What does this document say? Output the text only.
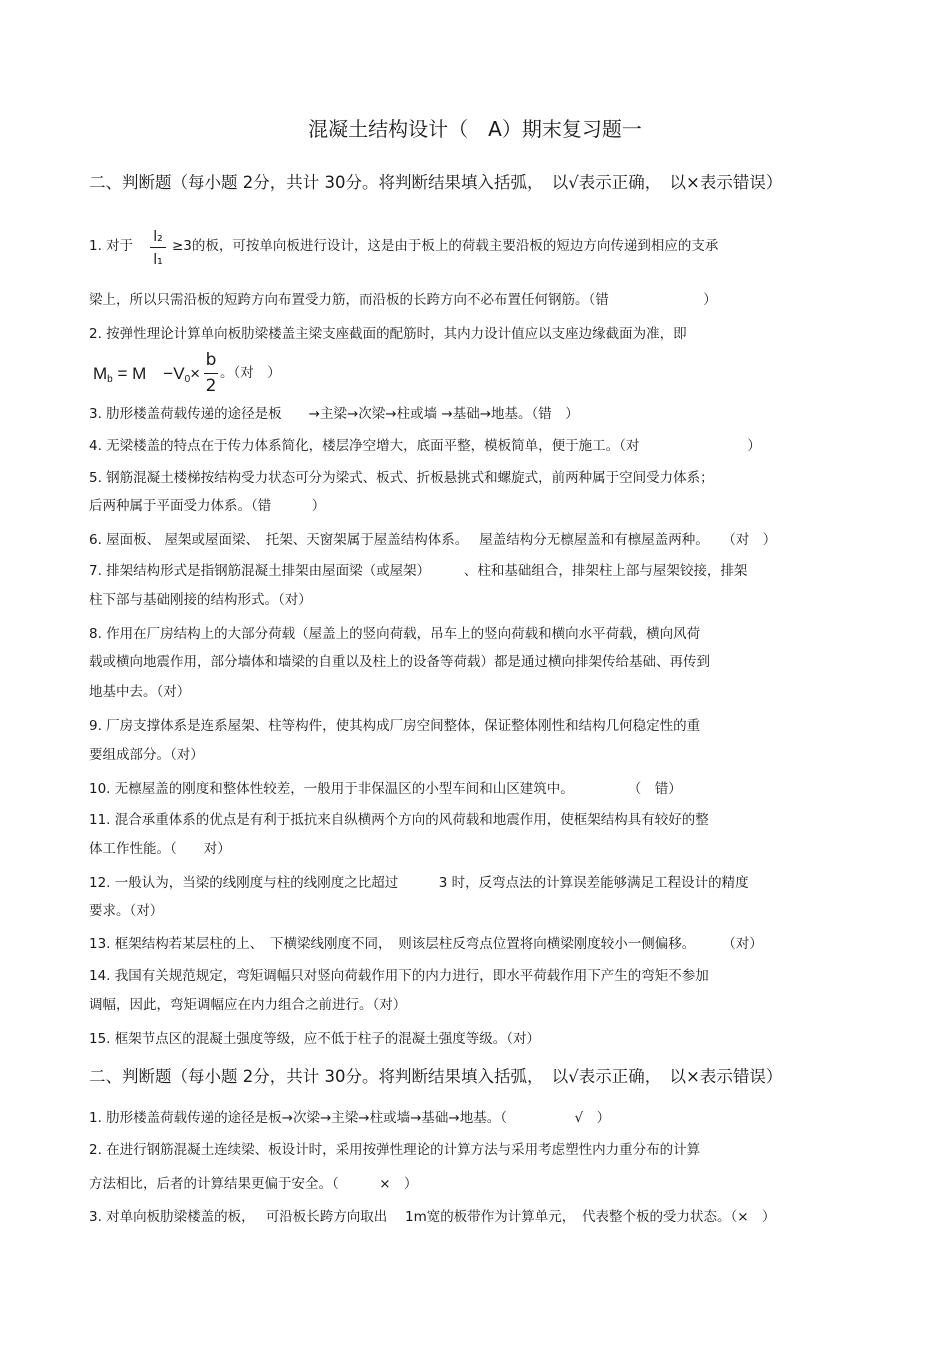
混凝土结构设计（　A）期末复习题一
二、判断题（每小题 2分，共计 30分。将判断结果填入括弧，　以√表示正确，　以×表示错误）
1. 对于
l₂
l₁
≥3的板，可按单向板进行设计，这是由于板上的荷载主要沿板的短边方向传递到相应的支承
梁上，所以只需沿板的短跨方向布置受力筋，而沿板的长跨方向不必布置任何钢筋。（错　　　　　　　）
2. 按弹性理论计算单向板肋梁楼盖主梁支座截面的配筋时，其内力设计值应以支座边缘截面为准，即
$M_b = M$　$-V_0\times$
b
2
。（对　）
3. 肋形楼盖荷载传递的途径是板　　→主梁→次梁→柱或墙 →基础→地基。（错　）
4. 无梁楼盖的特点在于传力体系简化，楼层净空增大，底面平整，模板简单，便于施工。（对　　　　　　　　）
5. 钢筋混凝土楼梯按结构受力状态可分为梁式、板式、折板悬挑式和螺旋式，前两种属于空间受力体系；
后两种属于平面受力体系。（错　　　）
6. 屋面板、 屋架或屋面梁、　托架、天窗架属于屋盖结构体系。　 屋盖结构分无檩屋盖和有檩屋盖两种。　　（对　）
7. 排架结构形式是指钢筋混凝土排架由屋面梁（或屋架）　　　、柱和基础组合，排架柱上部与屋架铰接，排架
柱下部与基础刚接的结构形式。（对）
8. 作用在厂房结构上的大部分荷载（屋盖上的竖向荷载，吊车上的竖向荷载和横向水平荷载，横向风荷
载或横向地震作用，部分墙体和墙梁的自重以及柱上的设备等荷载）都是通过横向排架传给基础、再传到
地基中去。（对）
9. 厂房支撑体系是连系屋架、柱等构件，使其构成厂房空间整体，保证整体刚性和结构几何稳定性的重
要组成部分。（对）
10. 无檩屋盖的刚度和整体性较差，一般用于非保温区的小型车间和山区建筑中。　　　　　（　错）
11. 混合承重体系的优点是有利于抵抗来自纵横两个方向的风荷载和地震作用，使框架结构具有较好的整
体工作性能。（　　对）
12. 一般认为，当梁的线刚度与柱的线刚度之比超过　　　3 时，反弯点法的计算误差能够满足工程设计的精度
要求。（对）
13. 框架结构若某层柱的上、　下横梁线刚度不同，　则该层柱反弯点位置将向横梁刚度较小一侧偏移。　　　（对）
14. 我国有关规范规定，弯矩调幅只对竖向荷载作用下的内力进行，即水平荷载作用下产生的弯矩不参加
调幅，因此，弯矩调幅应在内力组合之前进行。（对）
15. 框架节点区的混凝土强度等级，应不低于柱子的混凝土强度等级。（对）
二、判断题（每小题 2分，共计 30分。将判断结果填入括弧，　以√表示正确，　以×表示错误）
1. 肋形楼盖荷载传递的途径是板→次梁→主梁→柱或墙→基础→地基。（　　　　　√　）
2. 在进行钢筋混凝土连续梁、板设计时，采用按弹性理论的计算方法与采用考虑塑性内力重分布的计算
方法相比，后者的计算结果更偏于安全。（　　　×　）
3. 对单向板肋梁楼盖的板，　 可沿板长跨方向取出　 1m宽的板带作为计算单元，　代表整个板的受力状态。（×　）
